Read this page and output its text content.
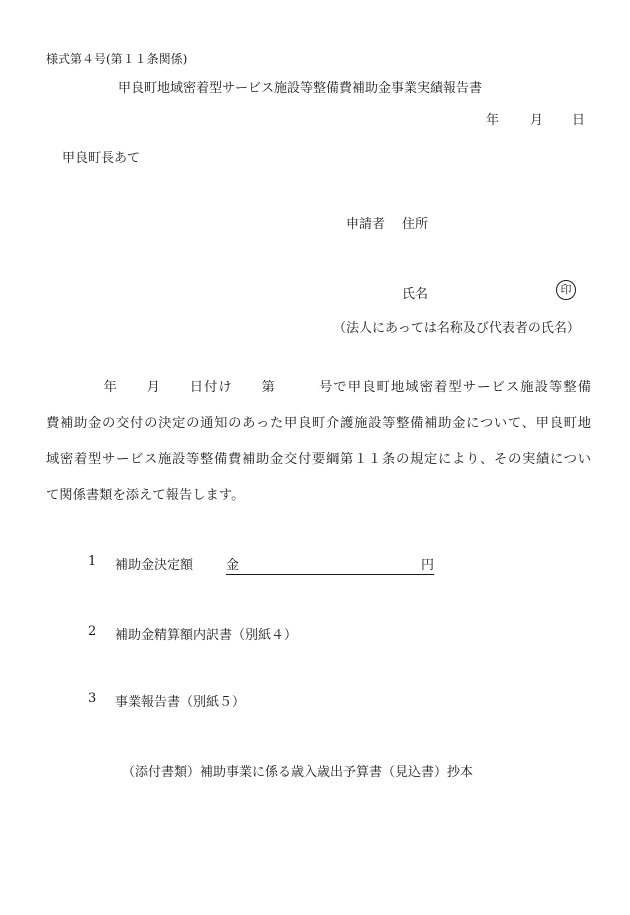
様式第４号(第１１条関係)
甲良町地域密着型サービス施設等整備費補助金事業実績報告書
年 月 日
甲良町長あて
申請者 住所
氏名	印
（法人にあっては名称及び代表者の氏名）
　　　　年　　月　　日付け　　第　　　号で甲良町地域密着型サービス施設等整備
費補助金の交付の決定の通知のあった甲良町介護施設等整備補助金について、甲良町地
域密着型サービス施設等整備費補助金交付要綱第１１条の規定により、その実績につい
て関係書類を添えて報告します。
1 補助金決定額	金	円
2 補助金精算額内訳書（別紙４）
3 事業報告書（別紙５）
（添付書類）補助事業に係る歳入歳出予算書（見込書）抄本
